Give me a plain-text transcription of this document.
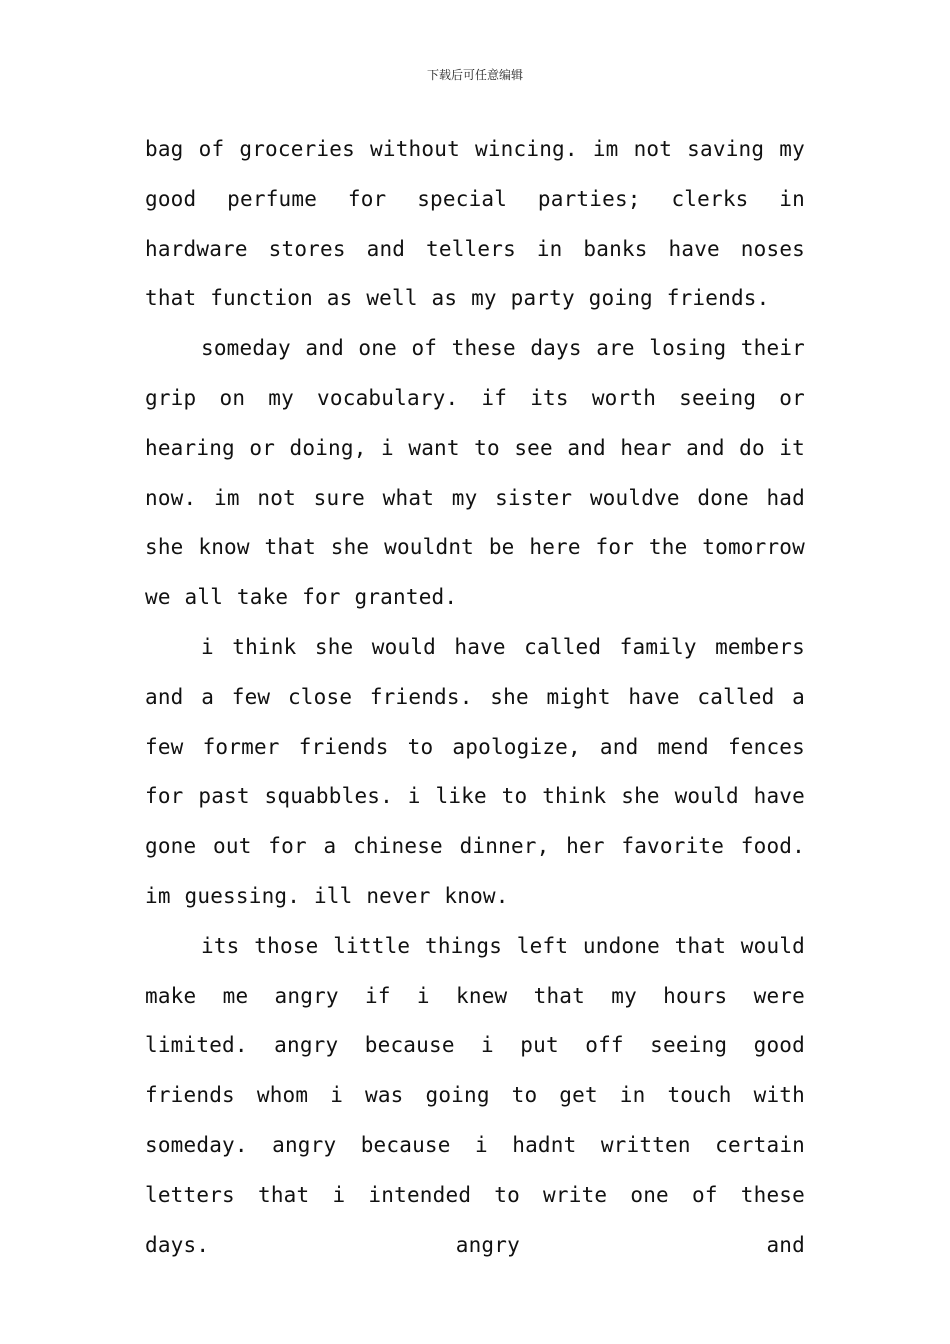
下载后可任意编辑

bag of groceries without wincing. im not saving my good perfume for special parties; clerks in hardware stores and tellers in banks have noses that function as well as my party going friends.

someday and one of these days are losing their grip on my vocabulary. if its worth seeing or hearing or doing, i want to see and hear and do it now. im not sure what my sister wouldve done had she know that she wouldnt be here for the tomorrow we all take for granted.

i think she would have called family members and a few close friends. she might have called a few former friends to apologize, and mend fences for past squabbles. i like to think she would have gone out for a chinese dinner, her favorite food. im guessing. ill never know.

its those little things left undone that would make me angry if i knew that my hours were limited. angry because i put off seeing good friends whom i was going to get in touch with someday. angry because i hadnt written certain letters that i intended to write one of these days. angry and
